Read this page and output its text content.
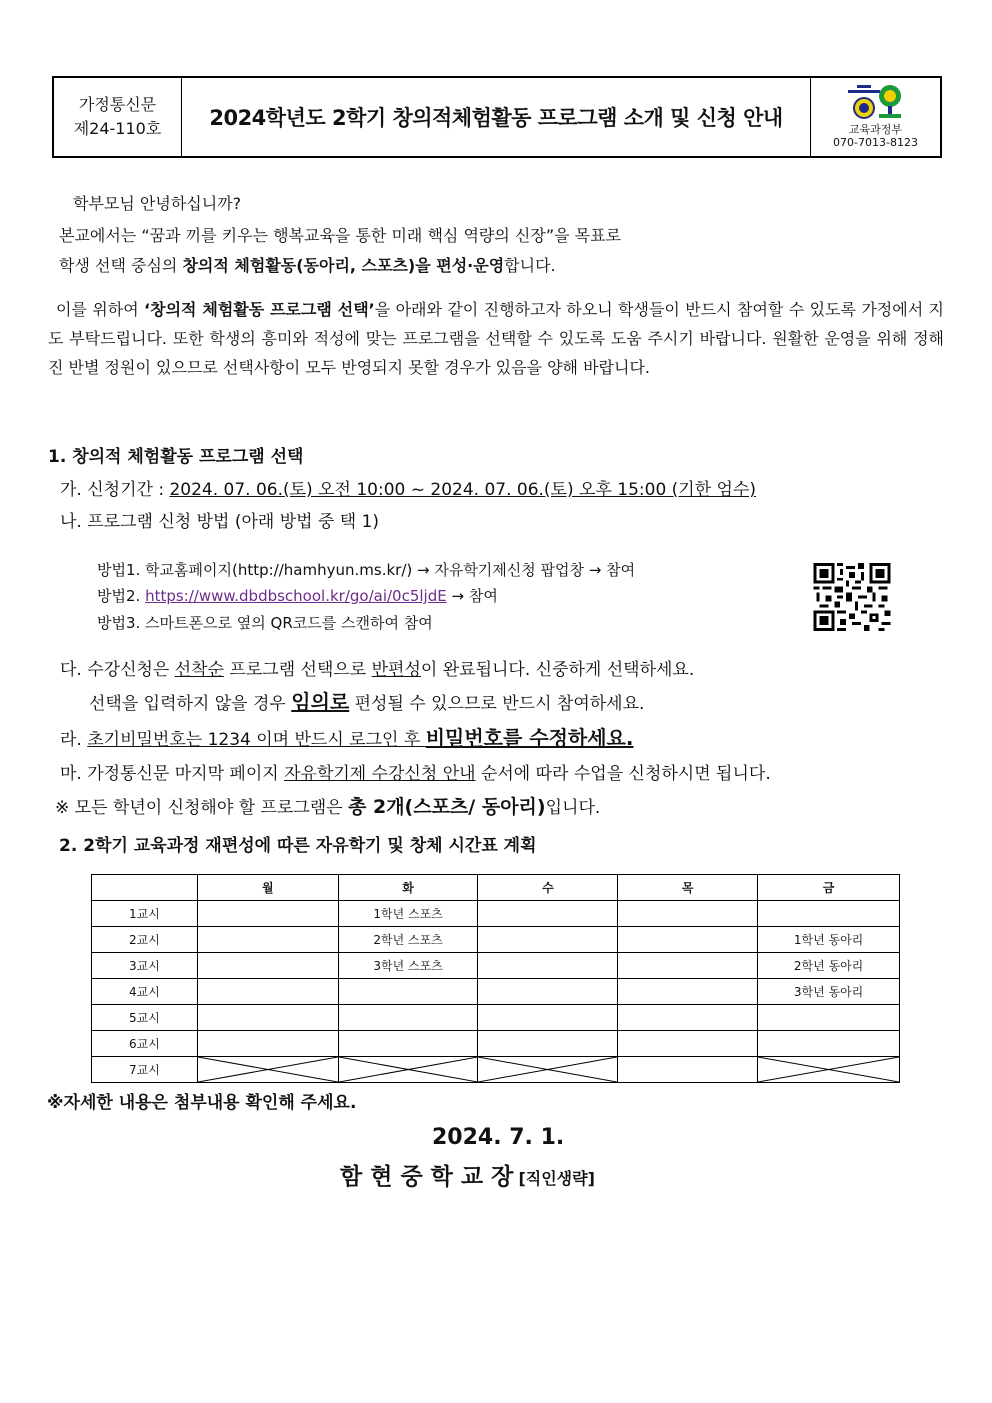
가정통신문
제24-110호	2024학년도 2학기 창의적체험활동 프로그램 소개 및 신청 안내	교육과정부
070-7013-8123
학부모님 안녕하십니까?
본교에서는 “꿈과 끼를 키우는 행복교육을 통한 미래 핵심 역량의 신장”을 목표로
학생 선택 중심의 창의적 체험활동(동아리, 스포츠)을 편성·운영합니다.
이를 위하여 ‘창의적 체험활동 프로그램 선택’을 아래와 같이 진행하고자 하오니 학생들이 반드시 참여할 수 있도록 가정에서 지도 부탁드립니다. 또한 학생의 흥미와 적성에 맞는 프로그램을 선택할 수 있도록 도움 주시기 바랍니다. 원활한 운영을 위해 정해진 반별 정원이 있으므로 선택사항이 모두 반영되지 못할 경우가 있음을 양해 바랍니다.
1. 창의적 체험활동 프로그램 선택
가. 신청기간 : 2024. 07. 06.(토) 오전 10:00 ~ 2024. 07. 06.(토) 오후 15:00 (기한 엄수)
나. 프로그램 신청 방법 (아래 방법 중 택 1)
방법1. 학교홈페이지(http://hamhyun.ms.kr/) → 자유학기제신청 팝업창 → 참여
방법2. https://www.dbdbschool.kr/go/ai/0c5ljdE → 참여
방법3. 스마트폰으로 옆의 QR코드를 스캔하여 참여
다. 수강신청은 선착순 프로그램 선택으로 반편성이 완료됩니다. 신중하게 선택하세요.
선택을 입력하지 않을 경우 임의로 편성될 수 있으므로 반드시 참여하세요.
라. 초기비밀번호는 1234 이며 반드시 로그인 후 비밀번호를 수정하세요.
마. 가정통신문 마지막 페이지 자유학기제 수강신청 안내 순서에 따라 수업을 신청하시면 됩니다.
※ 모든 학년이 신청해야 할 프로그램은 총 2개(스포츠/ 동아리)입니다.
2. 2학기 교육과정 재편성에 따른 자유학기 및 창체 시간표 계획
	월	화	수	목	금
1교시		1학년 스포츠			
2교시		2학년 스포츠			1학년 동아리
3교시		3학년 스포츠			2학년 동아리
4교시					3학년 동아리
5교시					
6교시					
7교시	

※자세한 내용은 첨부내용 확인해 주세요.
2024. 7. 1.
함 현 중 학 교 장 [직인생략]
